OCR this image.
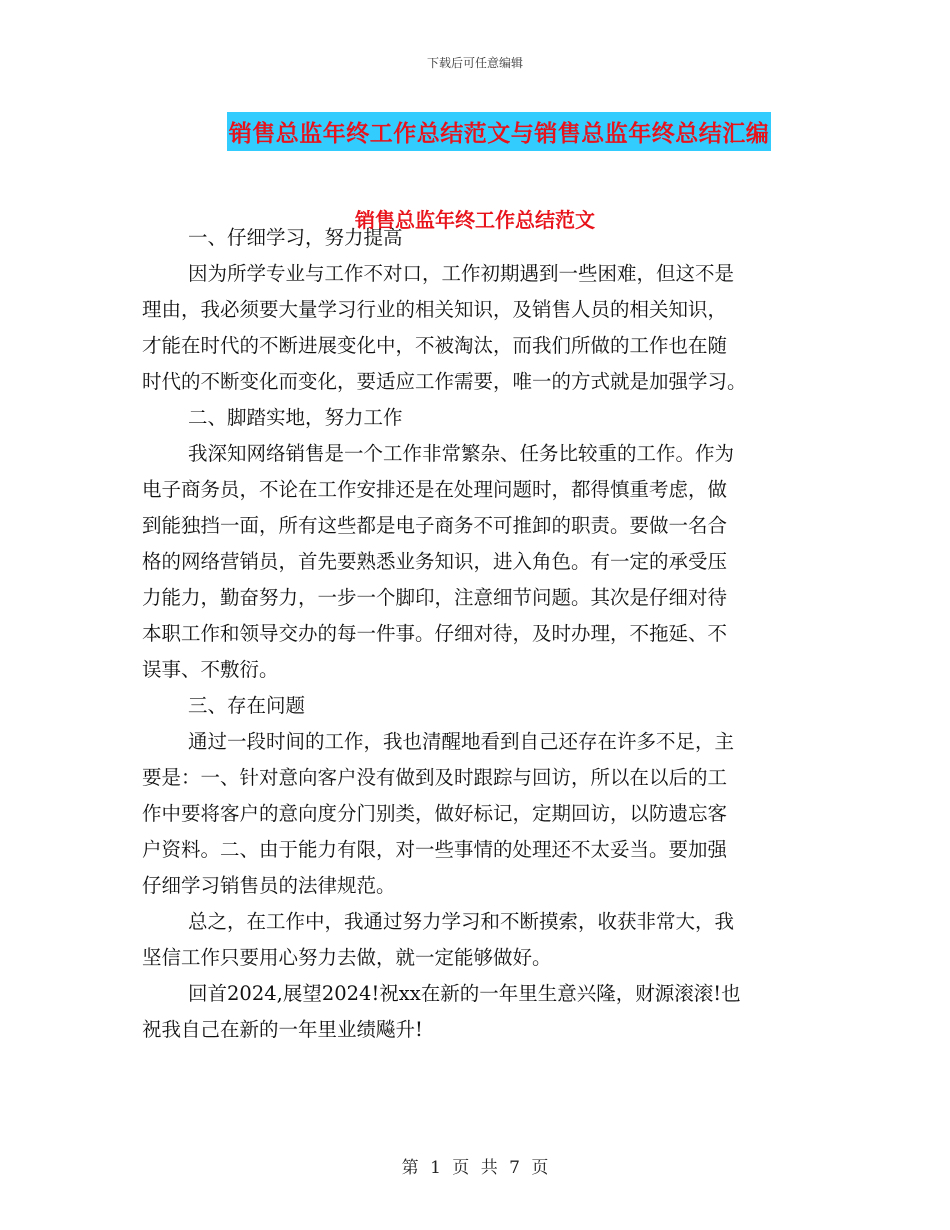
下载后可任意编辑
销售总监年终工作总结范文与销售总监年终总结汇编
销售总监年终工作总结范文

一、仔细学习，努力提高

因为所学专业与工作不对口，工作初期遇到一些困难，但这不是

理由，我必须要大量学习行业的相关知识，及销售人员的相关知识，

才能在时代的不断进展变化中，不被淘汰，而我们所做的工作也在随

时代的不断变化而变化，要适应工作需要，唯一的方式就是加强学习。

二、脚踏实地，努力工作

我深知网络销售是一个工作非常繁杂、任务比较重的工作。作为

电子商务员，不论在工作安排还是在处理问题时，都得慎重考虑，做

到能独挡一面，所有这些都是电子商务不可推卸的职责。要做一名合

格的网络营销员，首先要熟悉业务知识，进入角色。有一定的承受压

力能力，勤奋努力，一步一个脚印，注意细节问题。其次是仔细对待

本职工作和领导交办的每一件事。仔细对待，及时办理，不拖延、不

误事、不敷衍。

三、存在问题

通过一段时间的工作，我也清醒地看到自己还存在许多不足，主

要是：一、针对意向客户没有做到及时跟踪与回访，所以在以后的工

作中要将客户的意向度分门别类，做好标记，定期回访，以防遗忘客

户资料。二、由于能力有限，对一些事情的处理还不太妥当。要加强

仔细学习销售员的法律规范。

总之，在工作中，我通过努力学习和不断摸索，收获非常大，我

坚信工作只要用心努力去做，就一定能够做好。

回首2024,展望2024!祝xx在新的一年里生意兴隆，财源滚滚!也

祝我自己在新的一年里业绩飚升!

第 1 页 共 7 页
